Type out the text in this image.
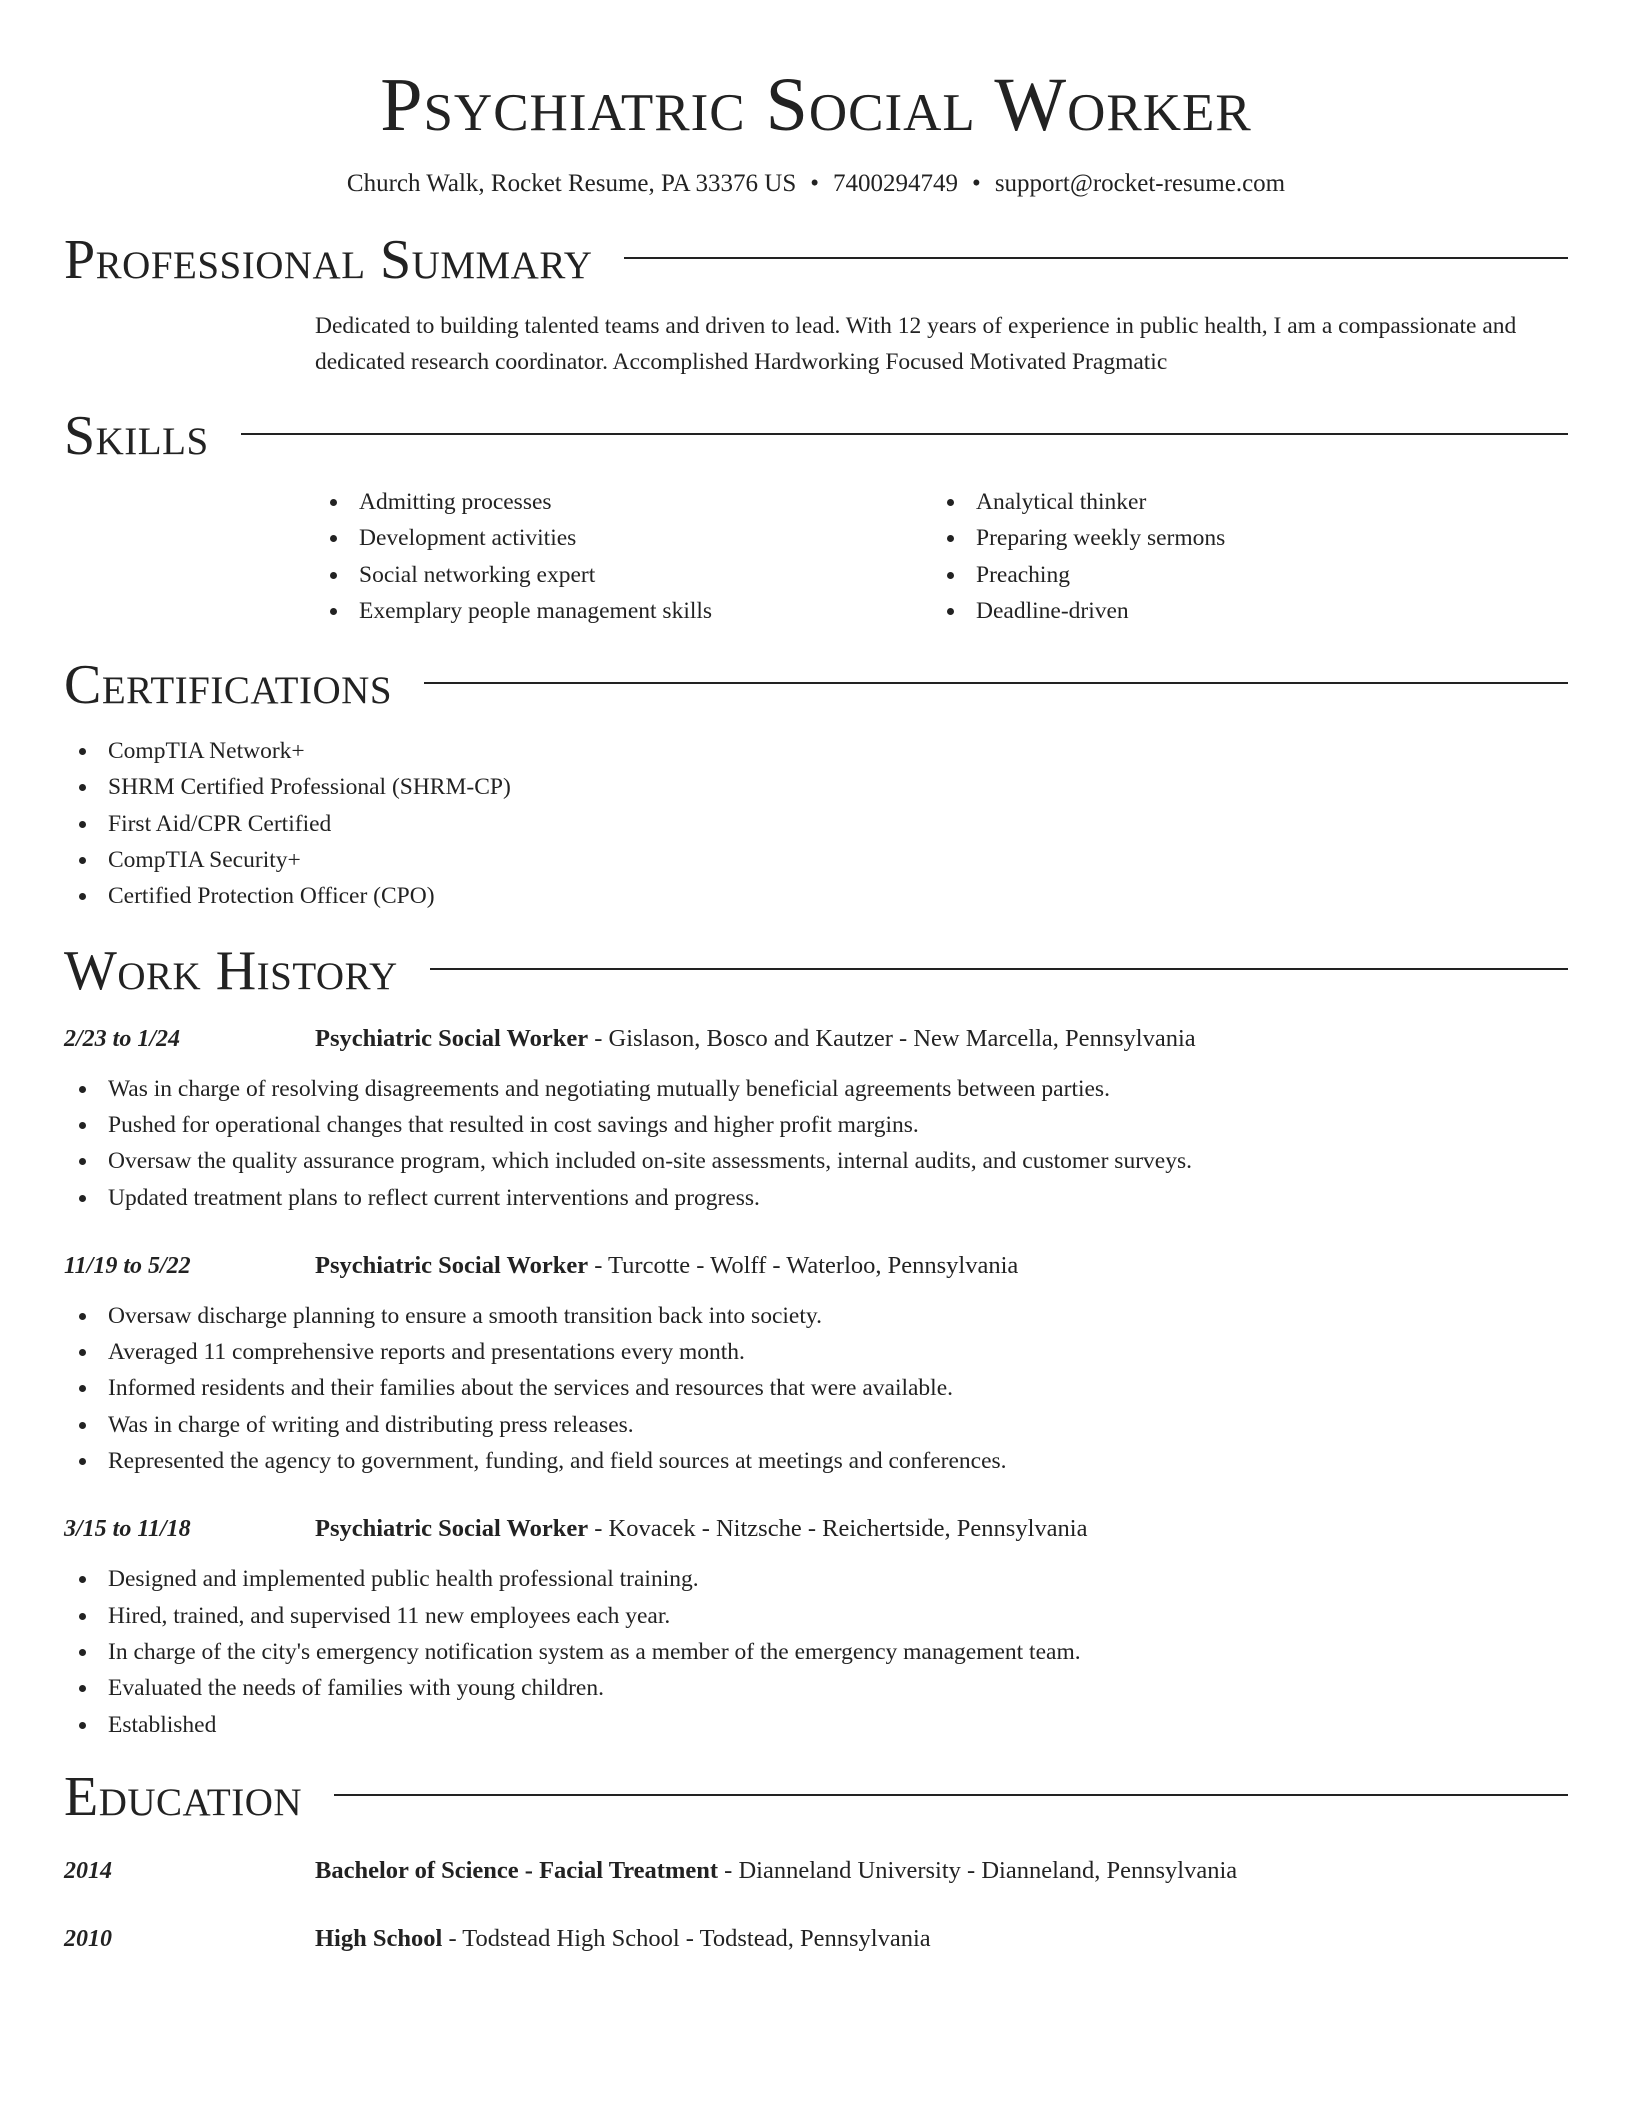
Psychiatric Social Worker
Church Walk, Rocket Resume, PA 33376 US • 7400294749 • support@rocket-resume.com
Professional Summary

Dedicated to building talented teams and driven to lead. With 12 years of experience in public health, I am a compassionate and dedicated research coordinator. Accomplished Hardworking Focused Motivated Pragmatic

Skills
Admitting processes
Development activities
Social networking expert
Exemplary people management skills
Analytical thinker
Preparing weekly sermons
Preaching
Deadline-driven
Certifications
CompTIA Network+
SHRM Certified Professional (SHRM-CP)
First Aid/CPR Certified
CompTIA Security+
Certified Protection Officer (CPO)
Work History
2/23 to 1/24	Psychiatric Social Worker - Gislason, Bosco and Kautzer - New Marcella, Pennsylvania
Was in charge of resolving disagreements and negotiating mutually beneficial agreements between parties.
Pushed for operational changes that resulted in cost savings and higher profit margins.
Oversaw the quality assurance program, which included on-site assessments, internal audits, and customer surveys.
Updated treatment plans to reflect current interventions and progress.
11/19 to 5/22	Psychiatric Social Worker - Turcotte - Wolff - Waterloo, Pennsylvania
Oversaw discharge planning to ensure a smooth transition back into society.
Averaged 11 comprehensive reports and presentations every month.
Informed residents and their families about the services and resources that were available.
Was in charge of writing and distributing press releases.
Represented the agency to government, funding, and field sources at meetings and conferences.
3/15 to 11/18	Psychiatric Social Worker - Kovacek - Nitzsche - Reichertside, Pennsylvania
Designed and implemented public health professional training.
Hired, trained, and supervised 11 new employees each year.
In charge of the city's emergency notification system as a member of the emergency management team.
Evaluated the needs of families with young children.
Established
Education
2014	Bachelor of Science - Facial Treatment - Dianneland University - Dianneland, Pennsylvania
2010	High School - Todstead High School - Todstead, Pennsylvania
